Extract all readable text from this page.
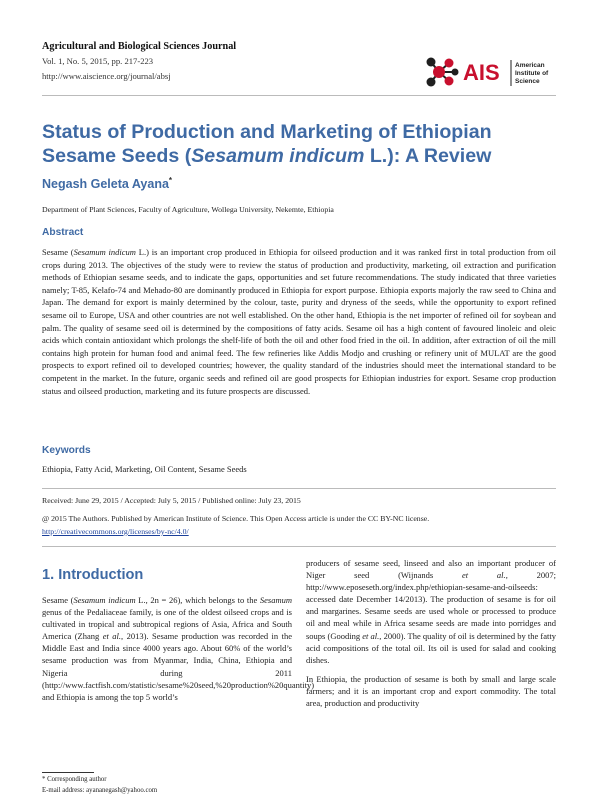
Agricultural and Biological Sciences Journal
Vol. 1, No. 5, 2015, pp. 217-223
http://www.aiscience.org/journal/absj	AIS American
Institute of
Science
Status of Production and Marketing of Ethiopian Sesame Seeds (Sesamum indicum L.): A Review
Negash Geleta Ayana*
Department of Plant Sciences, Faculty of Agriculture, Wollega University, Nekemte, Ethiopia
Abstract
Sesame (Sesamum indicum L.) is an important crop produced in Ethiopia for oilseed production and it was ranked first in total production from oil crops during 2013. The objectives of the study were to review the status of production and productivity, marketing, oil extraction and purification methods of Ethiopian sesame seeds, and to indicate the gaps, opportunities and set future recommendations. The study indicated that three varieties namely; T-85, Kelafo-74 and Mehado-80 are dominantly produced in Ethiopia for export purpose. Ethiopia exports majorly the raw seed to China and Japan. The demand for export is mainly determined by the colour, taste, purity and dryness of the seeds, while the opportunity to export refined sesame oil to Europe, USA and other countries are not well established. On the other hand, Ethiopia is the net importer of refined oil for soybean and palm. The quality of sesame seed oil is determined by the compositions of fatty acids. Sesame oil has a high content of favoured linoleic and oleic acids which contain antioxidant which prolongs the shelf-life of both the oil and other food fried in the oil. In addition, after extraction of oil the mill contains high protein for human food and animal feed. The few refineries like Addis Modjo and crushing or refinery unit of MULAT are the good prospects to export refined oil to developed countries; however, the quality standard of the industries should meet the international standard to be competent in the market. In the future, organic seeds and refined oil are good prospects for Ethiopian industries for export. Sesame crop production status and oilseed production, marketing and its future prospects are discussed.
Keywords
Ethiopia, Fatty Acid, Marketing, Oil Content, Sesame Seeds
Received: June 29, 2015 / Accepted: July 5, 2015 / Published online: July 23, 2015
@ 2015 The Authors. Published by American Institute of Science. This Open Access article is under the CC BY-NC license.
http://creativecommons.org/licenses/by-nc/4.0/
1. Introduction

Sesame (Sesamum indicum L., 2n = 26), which belongs to the Sesamum genus of the Pedaliaceae family, is one of the oldest oilseed crops and is cultivated in tropical and subtropical regions of Asia, Africa and South America (Zhang et al., 2013). Sesame production was recorded in the Middle East and India since 4000 years ago. About 60% of the world’s sesame production was from Myanmar, India, China, Ethiopia and Nigeria during 2011 (http://www.factfish.com/statistic/sesame%20seed,%20production%20quantity) and Ethiopia is among the top 5 world’s

producers of sesame seed, linseed and also an important producer of Niger seed (Wijnands et al., 2007; http://www.eposeseth.org/index.php/ethiopian-sesame-and-oilseeds: accessed date December 14/2013). The production of sesame is for oil and margarines. Sesame seeds are used whole or processed to produce oil and meal while in Africa sesame seeds are made into porridges and soups (Gooding et al., 2000). The quality of oil is determined by the fatty acid compositions of the total oil. Its oil is used for salad and cooking dishes.

In Ethiopia, the production of sesame is both by small and large scale farmers; and it is an important crop and export commodity. The total area, production and productivity

* Corresponding author
E-mail address: ayananegash@yahoo.com
